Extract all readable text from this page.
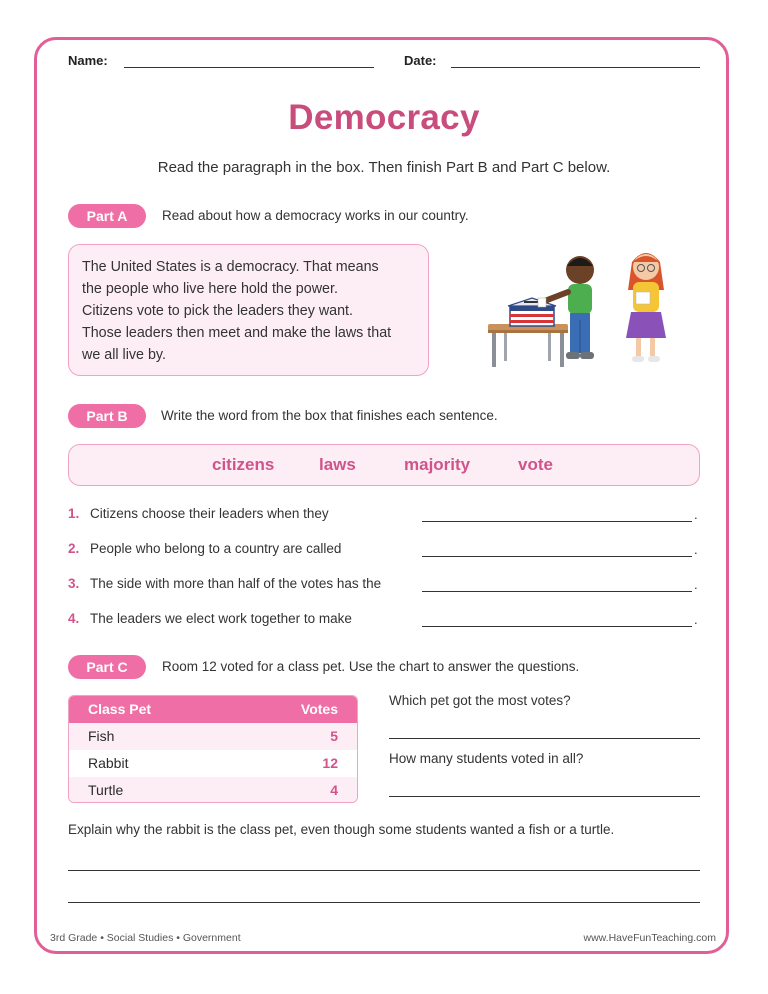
Name:	Date:
Democracy
Read the paragraph in the box. Then finish Part B and Part C below.
Part A	Read about how a democracy works in our country.
The United States is a democracy. That means
the people who live here hold the power.
Citizens vote to pick the leaders they want.
Those leaders then meet and make the laws that
we all live by.
Part B	Write the word from the box that finishes each sentence.
citizens	laws	majority	vote
1. Citizens choose their leaders when they	.
2. People who belong to a country are called	.
3. The side with more than half of the votes has the	.
4. The leaders we elect work together to make	.
Part C	Room 12 voted for a class pet. Use the chart to answer the questions.
Class Pet	Votes
Fish	5
Rabbit	12
Turtle	4
Which pet got the most votes?
How many students voted in all?
Explain why the rabbit is the class pet, even though some students wanted a fish or a turtle.
3rd Grade • Social Studies • Government	www.HaveFunTeaching.com
